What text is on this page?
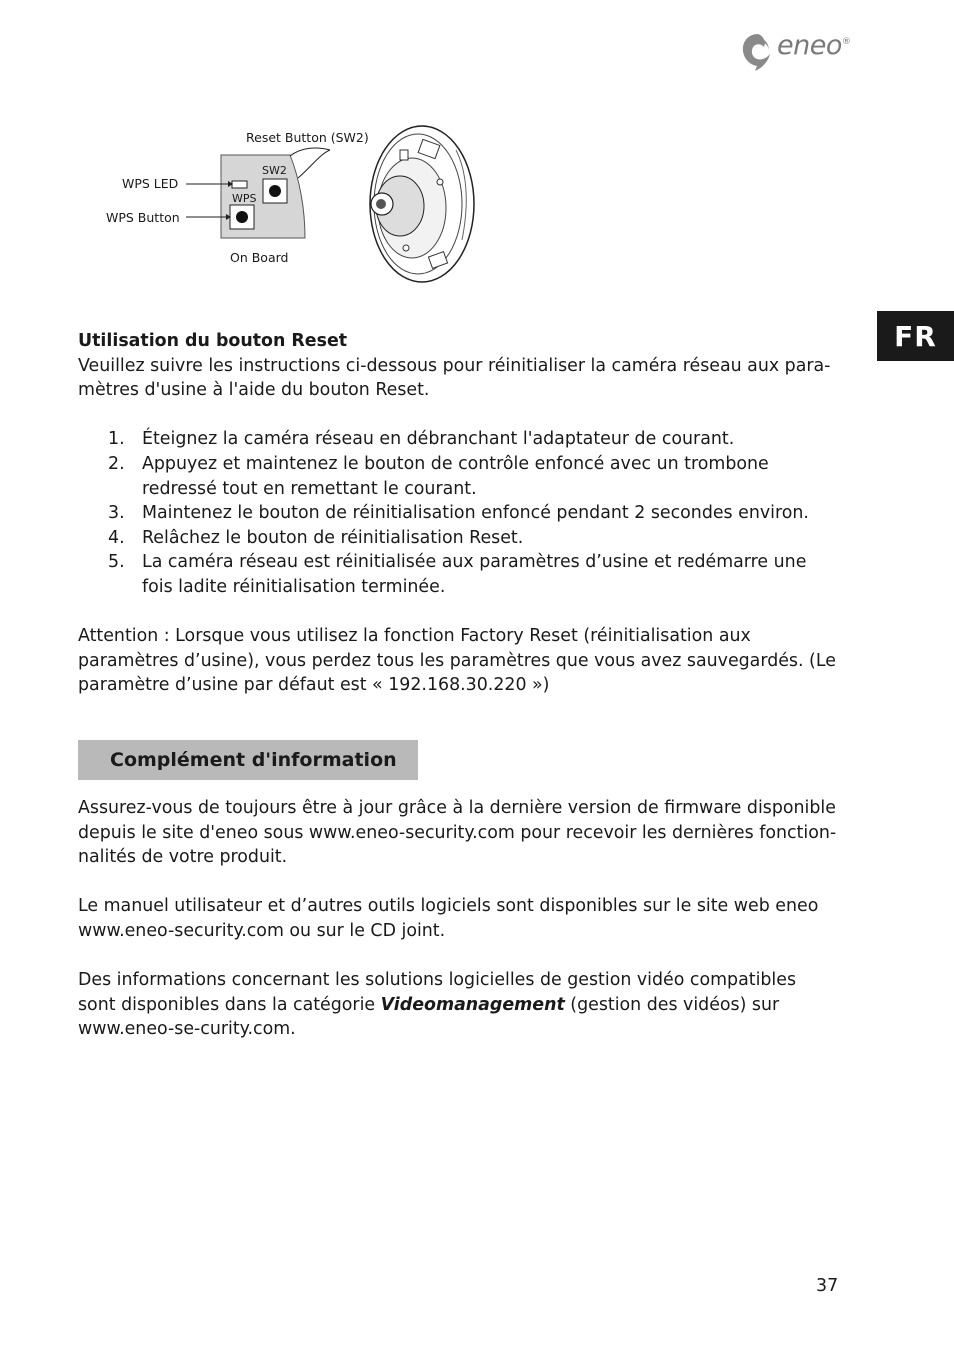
eneo®
Reset Button (SW2)
WPS LED
WPS Button
SW2
WPS
On Board
FR

Utilisation du bouton Reset

Veuillez suivre les instructions ci-dessous pour réinitialiser la caméra réseau aux para-mètres d'usine à l'aide du bouton Reset.

1. Éteignez la caméra réseau en débranchant l'adaptateur de courant.
2. Appuyez et maintenez le bouton de contrôle enfoncé avec un trombone redressé tout en remettant le courant.
3. Maintenez le bouton de réinitialisation enfoncé pendant 2 secondes environ.
4. Relâchez le bouton de réinitialisation Reset.
5. La caméra réseau est réinitialisée aux paramètres d’usine et redémarre une fois ladite réinitialisation terminée.

Attention : Lorsque vous utilisez la fonction Factory Reset (réinitialisation aux paramètres d’usine), vous perdez tous les paramètres que vous avez sauvegardés. (Le paramètre d’usine par défaut est « 192.168.30.220 »)

Complément d'information

Assurez-vous de toujours être à jour grâce à la dernière version de firmware disponible depuis le site d'eneo sous www.eneo-security.com pour recevoir les dernières fonction-nalités de votre produit.

Le manuel utilisateur et d’autres outils logiciels sont disponibles sur le site web eneo www.eneo-security.com ou sur le CD joint.

Des informations concernant les solutions logicielles de gestion vidéo compatibles sont disponibles dans la catégorie Videomanagement (gestion des vidéos) sur www.eneo-se-curity.com.

37
